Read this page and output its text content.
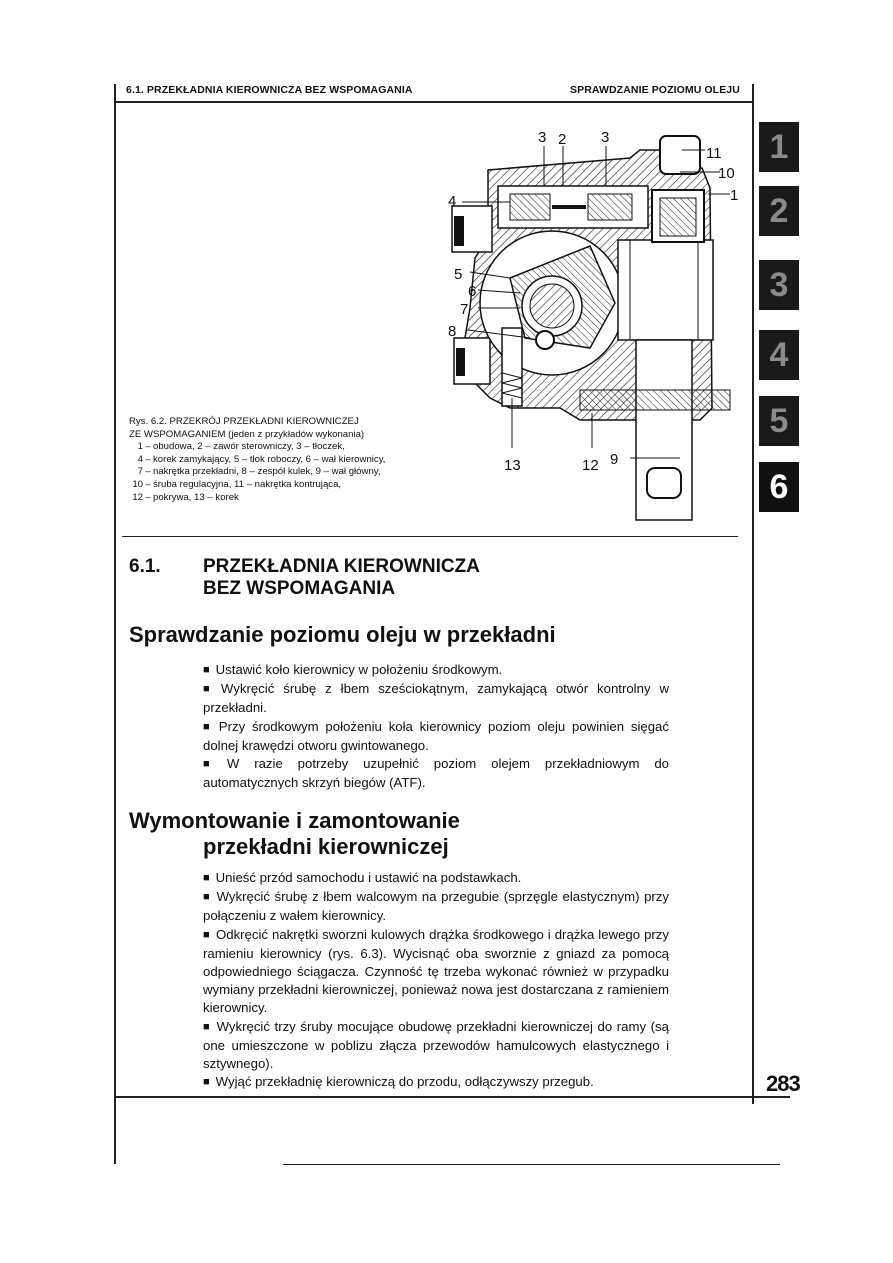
6.1. PRZEKŁADNIA KIEROWNICZA BEZ WSPOMAGANIA	SPRAWDZANIE POZIOMU OLEJU
3 2 3
11
10
1
4
5
6
7
8
13	12 9
Rys. 6.2. PRZEKRÓJ PRZEKŁADNI KIEROWNICZEJ
ZE WSPOMAGANIEM (jeden z przykładów wykonania)
1 – obudowa, 2 – zawór sterowniczy, 3 – tłoczek,
4 – korek zamykający, 5 – tłok roboczy, 6 – wał kierownicy,
7 – nakrętka przekładni, 8 – zespół kulek, 9 – wał główny,
10 – śruba regulacyjna, 11 – nakrętka kontrująca,
12 – pokrywa, 13 – korek
6.1. PRZEKŁADNIA KIEROWNICZA
BEZ WSPOMAGANIA
Sprawdzanie poziomu oleju w przekładni

■ Ustawić koło kierownicy w położeniu środkowym.

■ Wykręcić śrubę z łbem sześciokątnym, zamykającą otwór kontrolny w przekładni.

■ Przy środkowym położeniu koła kierownicy poziom oleju powinien sięgać dolnej krawędzi otworu gwintowanego.

■ W razie potrzeby uzupełnić poziom olejem przekładniowym do automatycznych skrzyń biegów (ATF).

Wymontowanie i zamontowanie
przekładni kierowniczej

■ Unieść przód samochodu i ustawić na podstawkach.

■ Wykręcić śrubę z łbem walcowym na przegubie (sprzęgle elastycznym) przy połączeniu z wałem kierownicy.

■ Odkręcić nakrętki sworzni kulowych drążka środkowego i drążka lewego przy ramieniu kierownicy (rys. 6.3). Wycisnąć oba sworznie z gniazd za pomocą odpowiedniego ściągacza. Czynność tę trzeba wykonać również w przypadku wymiany przekładni kierowniczej, ponieważ nowa jest dostarczana z ramieniem kierownicy.

■ Wykręcić trzy śruby mocujące obudowę przekładni kierowniczej do ramy (są one umieszczone w poblizu złącza przewodów hamulcowych elastycznego i sztywnego).

■ Wyjąć przekładnię kierowniczą do przodu, odłączywszy przegub.

1
2
3
4
5
6
283
